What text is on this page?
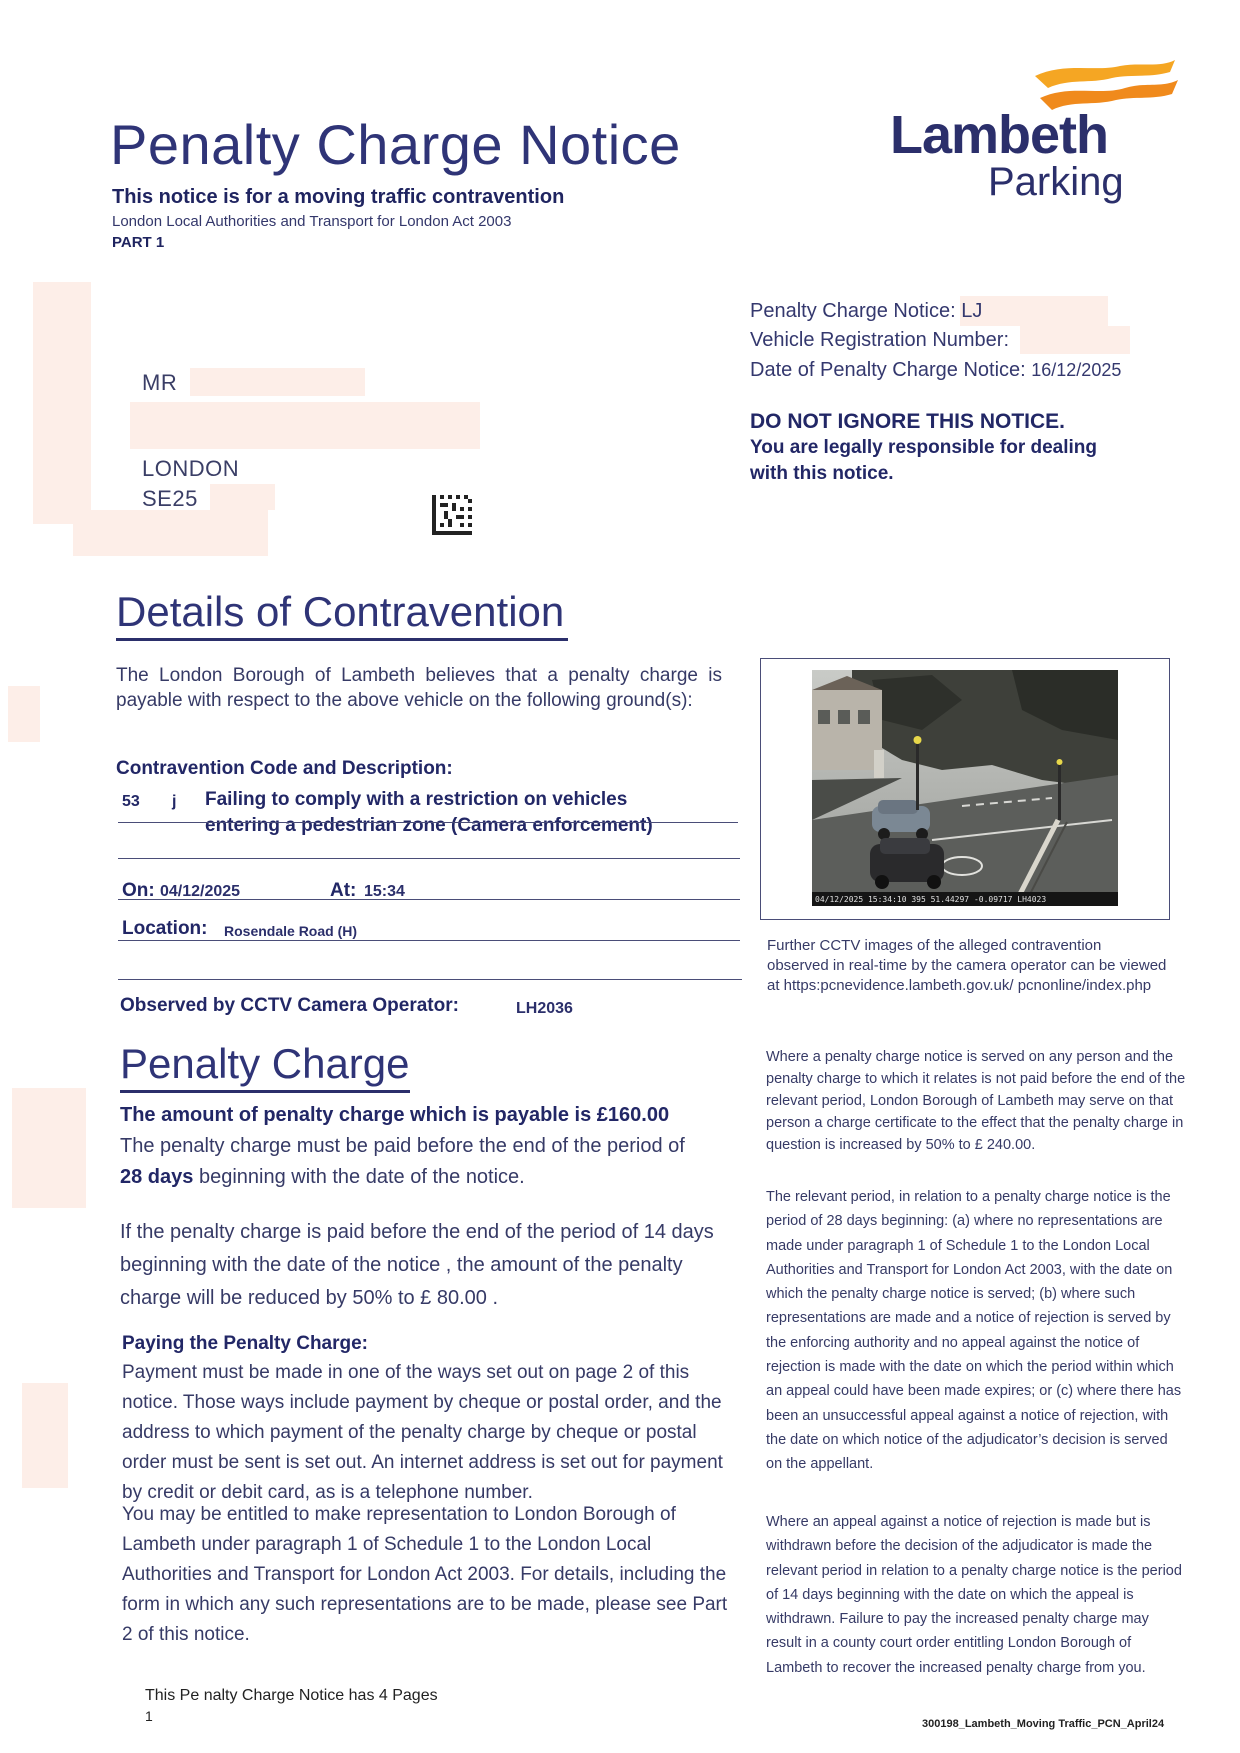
Penalty Charge Notice
This notice is for a moving traffic contravention
London Local Authorities and Transport for London Act 2003
PART 1
Lambeth
Parking
MR
LONDON
SE25
Penalty Charge Notice: LJ
Vehicle Registration Number:
Date of Penalty Charge Notice: 16/12/2025
DO NOT IGNORE THIS NOTICE.
You are legally responsible for dealing
with this notice.
Details of Contravention
The London Borough of Lambeth believes that a penalty charge is payable with respect to the above vehicle on the following ground(s):
Contravention Code and Description:
53 j Failing to comply with a restriction on vehicles
entering a pedestrian zone (Camera enforcement)
On: 04/12/2025	At: 15:34
Location: Rosendale Road (H)
Observed by CCTV Camera Operator:	LH2036
Penalty Charge
The amount of penalty charge which is payable is £160.00
The penalty charge must be paid before the end of the period of
28 days beginning with the date of the notice.
If the penalty charge is paid before the end of the period of 14 days beginning with the date of the notice , the amount of the penalty charge will be reduced by 50% to £ 80.00 .
Paying the Penalty Charge:
Payment must be made in one of the ways set out on page 2 of this notice. Those ways include payment by cheque or postal order, and the address to which payment of the penalty charge by cheque or postal order must be sent is set out. An internet address is set out for payment by credit or debit card, as is a telephone number.
You may be entitled to make representation to London Borough of Lambeth under paragraph 1 of Schedule 1 to the London Local Authorities and Transport for London Act 2003. For details, including the form in which any such representations are to be made, please see Part 2 of this notice.
04/12/2025 15:34:10 395 51.44297 -0.09717 LH4023
Further CCTV images of the alleged contravention observed in real-time by the camera operator can be viewed at https:pcnevidence.lambeth.gov.uk/ pcnonline/index.php
Where a penalty charge notice is served on any person and the penalty charge to which it relates is not paid before the end of the relevant period, London Borough of Lambeth may serve on that person a charge certificate to the effect that the penalty charge in question is increased by 50% to £ 240.00.
The relevant period, in relation to a penalty charge notice is the period of 28 days beginning: (a) where no representations are made under paragraph 1 of Schedule 1 to the London Local Authorities and Transport for London Act 2003, with the date on which the penalty charge notice is served; (b) where such representations are made and a notice of rejection is served by the enforcing authority and no appeal against the notice of rejection is made with the date on which the period within which an appeal could have been made expires; or (c) where there has been an unsuccessful appeal against a notice of rejection, with the date on which notice of the adjudicator’s decision is served on the appellant.
Where an appeal against a notice of rejection is made but is withdrawn before the decision of the adjudicator is made the relevant period in relation to a penalty charge notice is the period of 14 days beginning with the date on which the appeal is withdrawn. Failure to pay the increased penalty charge may result in a county court order entitling London Borough of Lambeth to recover the increased penalty charge from you.
This Pe nalty Charge Notice has 4 Pages
1	300198_Lambeth_Moving Traffic_PCN_April24
